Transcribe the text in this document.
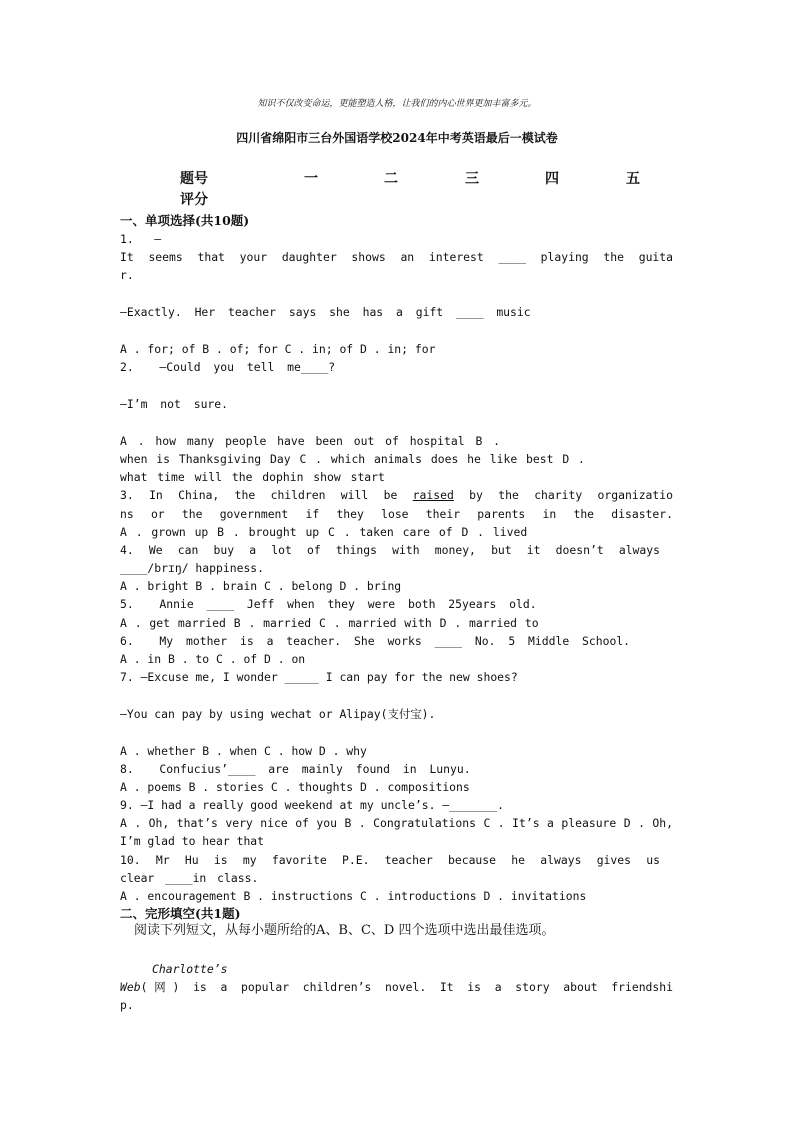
知识不仅改变命运，更能塑造人格，让我们的内心世界更加丰富多元。
四川省绵阳市三台外国语学校2024年中考英语最后一模试卷
题号	一	二	三	四	五
评分
一、单项选择(共10题)
1. —
It seems that your daughter shows an interest ____ playing the guita
r.
—Exactly. Her teacher says she has a gift ____ music
A . for; of B . of; for C . in; of D . in; for
2.  —Could you tell me____?
—I’m not sure.
A . how many people have been out of hospital B .
when is Thanksgiving Day C . which animals does he like best D .
what time will the dophin show start
3. In China, the children will be raised by the charity organizatio
ns or the government if they lose their parents in the disaster.
A . grown up B . brought up C . taken care of D . lived
4. We can buy a lot of things with money, but it doesn’t always
____/brɪŋ/ happiness.
A . bright B . brain C . belong D . bring
5.  Annie ____ Jeff when they were both 25years old.
A . get married B . married C . married with D . married to
6.  My mother is a teacher. She works ____ No. 5 Middle School.
A . in B . to C . of D . on
7. —Excuse me, I wonder _____ I can pay for the new shoes?
—You can pay by using wechat or Alipay(支付宝).
A . whether B . when C . how D . why
8.  Confucius’____ are mainly found in Lunyu.
A . poems B . stories C . thoughts D . compositions
9. —I had a really good weekend at my uncle’s. —_______.
A . Oh, that’s very nice of you B . Congratulations C . It’s a pleasure D . Oh,
I’m glad to hear that
10. Mr Hu is my favorite P.E. teacher because he always gives us
clear ____in class.
A . encouragement B . instructions C . introductions D . invitations
二、完形填空(共1题)
阅读下列短文，从每小题所给的A、B、C、D 四个选项中选出最佳选项。
Charlotte’s
Web(网) is a popular children’s novel. It is a story about friendshi
p.
